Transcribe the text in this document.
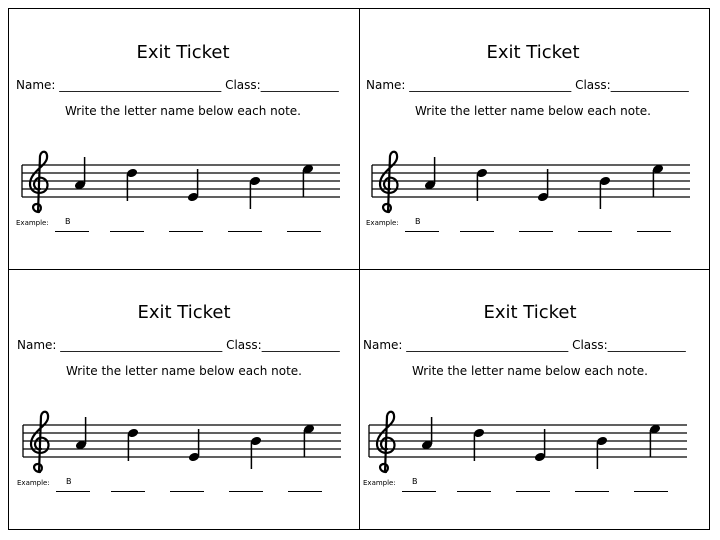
Exit Ticket
Name: ___________________________ Class:_____________
Write the letter name below each note.
Example: B
Exit Ticket
Name: ___________________________ Class:_____________
Write the letter name below each note.
Example: B
Exit Ticket
Name: ___________________________ Class:_____________
Write the letter name below each note.
Example: B
Exit Ticket
Name: ___________________________ Class:_____________
Write the letter name below each note.
Example: B
